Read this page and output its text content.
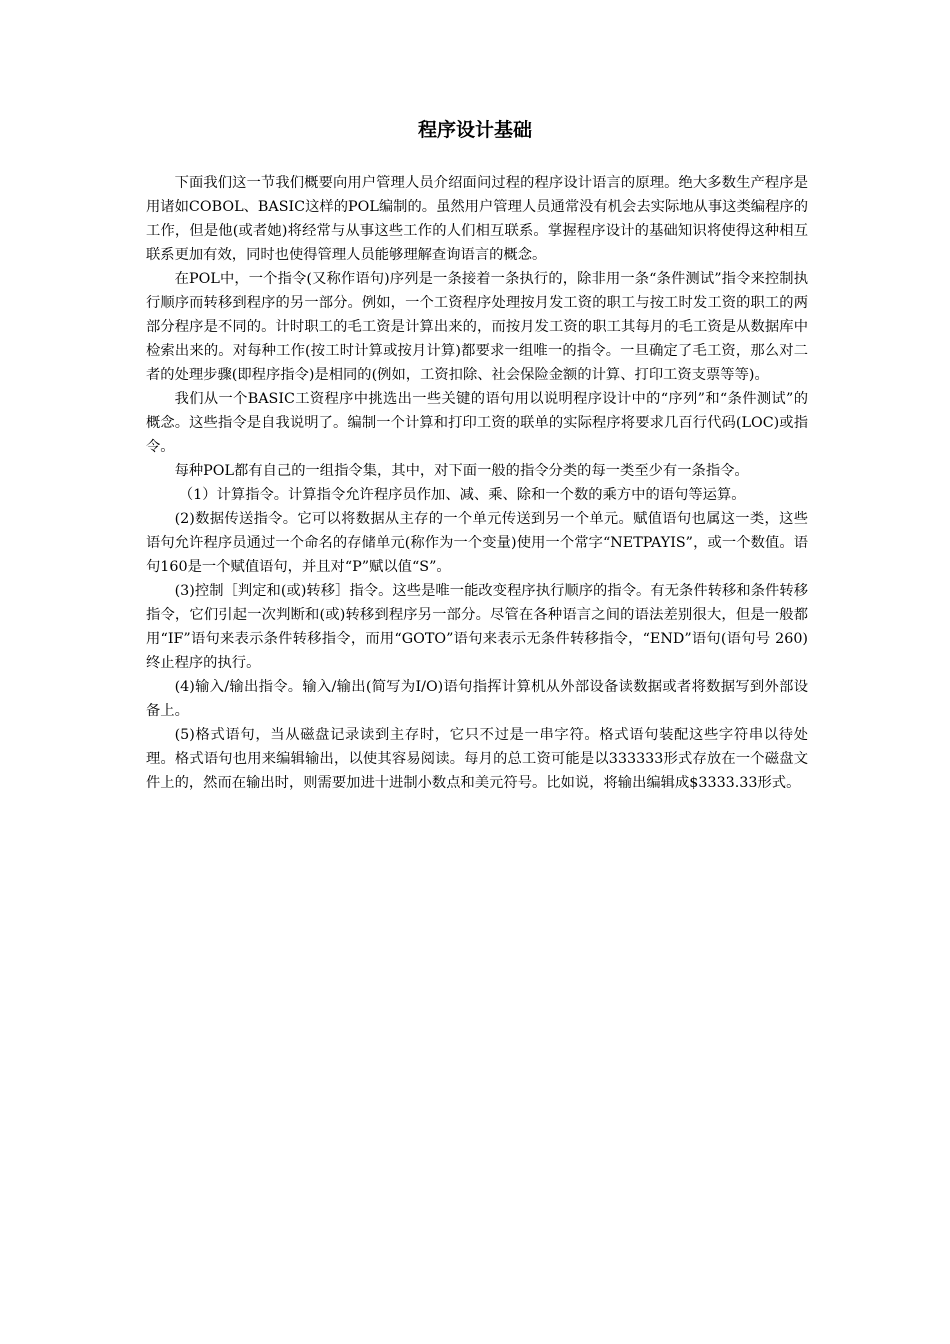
程序设计基础

下面我们这一节我们概要向用户管理人员介绍面问过程的程序设计语言的原理。绝大多数生产程序是用诸如COBOL、BASIC这样的POL编制的。虽然用户管理人员通常没有机会去实际地从事这类编程序的工作，但是他(或者她)将经常与从事这些工作的人们相互联系。掌握程序设计的基础知识将使得这种相互联系更加有效，同时也使得管理人员能够理解查询语言的概念。

在POL中，一个指令(又称作语句)序列是一条接着一条执行的，除非用一条“条件测试”指令来控制执行顺序而转移到程序的另一部分。例如，一个工资程序处理按月发工资的职工与按工时发工资的职工的两部分程序是不同的。计时职工的毛工资是计算出来的，而按月发工资的职工其每月的毛工资是从数据库中检索出来的。对每种工作(按工时计算或按月计算)都要求一组唯一的指令。一旦确定了毛工资，那么对二者的处理步骤(即程序指令)是相同的(例如，工资扣除、社会保险金额的计算、打印工资支票等等)。

我们从一个BASIC工资程序中挑选出一些关键的语句用以说明程序设计中的“序列”和“条件测试”的概念。这些指令是自我说明了。编制一个计算和打印工资的联单的实际程序将要求几百行代码(LOC)或指令。

每种POL都有自己的一组指令集，其中，对下面一般的指令分类的每一类至少有一条指令。

（1）计算指令。计算指令允许程序员作加、减、乘、除和一个数的乘方中的语句等运算。

(2)数据传送指令。它可以将数据从主存的一个单元传送到另一个单元。赋值语句也属这一类，这些语句允许程序员通过一个命名的存储单元(称作为一个变量)使用一个常字“NETPAYIS”，或一个数值。语句160是一个赋值语句，并且对“P”赋以值“S”。

(3)控制［判定和(或)转移］指令。这些是唯一能改变程序执行顺序的指令。有无条件转移和条件转移指令，它们引起一次判断和(或)转移到程序另一部分。尽管在各种语言之间的语法差别很大，但是一般都用“IF”语句来表示条件转移指令，而用“GOTO”语句来表示无条件转移指令，“END”语句(语句号 260)终止程序的执行。

(4)输入/输出指令。输入/输出(简写为I/O)语句指挥计算机从外部设备读数据或者将数据写到外部设备上。

(5)格式语句，当从磁盘记录读到主存时，它只不过是一串字符。格式语句装配这些字符串以待处理。格式语句也用来编辑输出，以使其容易阅读。每月的总工资可能是以333333形式存放在一个磁盘文件上的，然而在输出时，则需要加进十进制小数点和美元符号。比如说，将输出编辑成$3333.33形式。
